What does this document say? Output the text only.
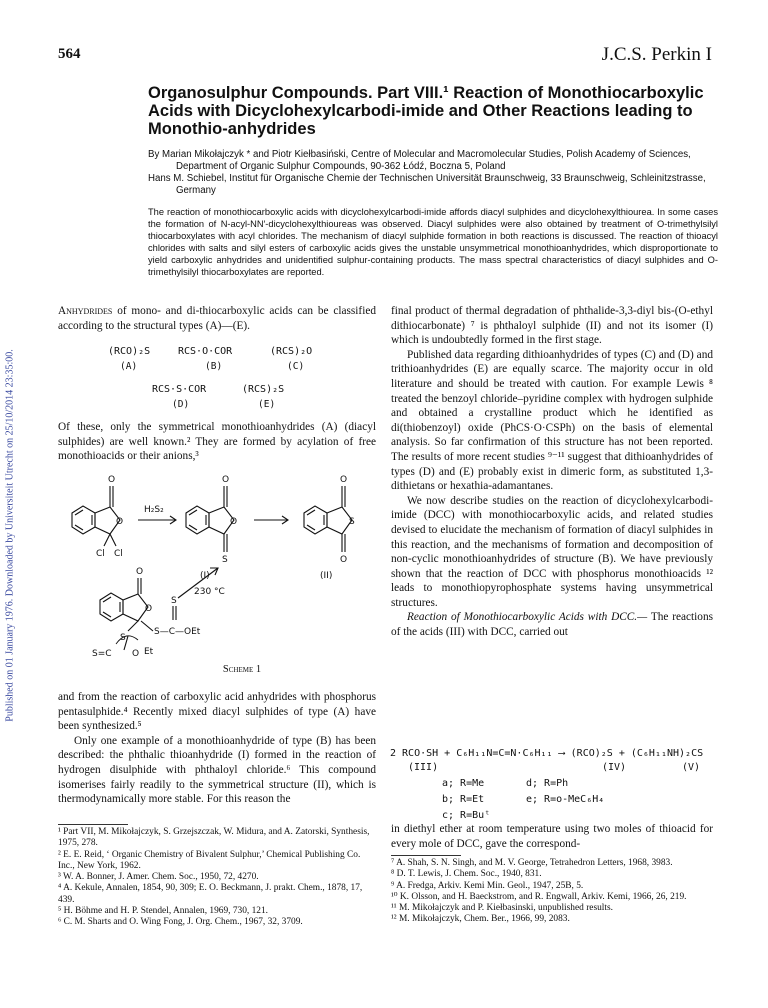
Published on 01 January 1976. Downloaded by Universiteit Utrecht on 25/10/2014 23:35:00.
564	J.C.S. Perkin I
Organosulphur Compounds. Part VIII.¹ Reaction of Monothiocarboxylic Acids with Dicyclohexylcarbodi-imide and Other Reactions leading to Monothio-anhydrides

By Marian Mikołajczyk * and Piotr Kiełbasiński, Centre of Molecular and Macromolecular Studies, Polish Academy of Sciences, Department of Organic Sulphur Compounds, 90-362 Łódź, Boczna 5, Poland

Hans M. Schiebel, Institut für Organische Chemie der Technischen Universität Braunschweig, 33 Braunschweig, Schleinitzstrasse, Germany

The reaction of monothiocarboxylic acids with dicyclohexylcarbodi-imide affords diacyl sulphides and dicyclohexylthiourea. In some cases the formation of N-acyl-NN′-dicyclohexylthioureas was observed. Diacyl sulphides were also obtained by treatment of O-trimethylsilyl thiocarboxylates with acyl chlorides. The mechanism of diacyl sulphide formation in both reactions is discussed. The reaction of thioacyl chlorides with salts and silyl esters of carboxylic acids gives the unstable unsymmetrical monothioanhydrides, which disproportionate to yield carboxylic anhydrides and unidentified sulphur-containing products. The mass spectral characteristics of diacyl sulphides and O-trimethylsilyl thiocarboxylates are reported.

Anhydrides of mono- and di-thiocarboxylic acids can be classified according to the structural types (A)—(E).

(RCO)₂S
(A)
RCS·O·COR
(B)
(RCS)₂O
(C)
RCS·S·COR
(D)
(RCS)₂S
(E)

Of these, only the symmetrical monothioanhydrides (A) (diacyl sulphides) are well known.² They are formed by acylation of free monothioacids or their anions,³

O
O
Cl Cl
H₂S₂
O
O
S
(I)
O
S
O
(II)
230 °C
O
O
S
S
S—C—OEt
S=C O Et
Scheme 1

and from the reaction of carboxylic acid anhydrides with phosphorus pentasulphide.⁴ Recently mixed diacyl sulphides of type (A) have been synthesized.⁵

Only one example of a monothioanhydride of type (B) has been described: the phthalic thioanhydride (I) formed in the reaction of hydrogen disulphide with phthaloyl chloride.⁶ This compound isomerises fairly readily to the symmetrical structure (II), which is thermodynamically more stable. For this reason the

¹ Part VII, M. Mikołajczyk, S. Grzejszczak, W. Midura, and A. Zatorski, Synthesis, 1975, 278.
² E. E. Reid, ‘ Organic Chemistry of Bivalent Sulphur,’ Chemical Publishing Co. Inc., New York, 1962.
³ W. A. Bonner, J. Amer. Chem. Soc., 1950, 72, 4270.
⁴ A. Kekule, Annalen, 1854, 90, 309; E. O. Beckmann, J. prakt. Chem., 1878, 17, 439.
⁵ H. Böhme and H. P. Stendel, Annalen, 1969, 730, 121.
⁶ C. M. Sharts and O. Wing Fong, J. Org. Chem., 1967, 32, 3709.

final product of thermal degradation of phthalide-3,3-diyl bis-(O-ethyl dithiocarbonate) ⁷ is phthaloyl sulphide (II) and not its isomer (I) which is undoubtedly formed in the first stage.

Published data regarding dithioanhydrides of types (C) and (D) and trithioanhydrides (E) are equally scarce. The majority occur in old literature and should be treated with caution. For example Lewis ⁸ treated the benzoyl chloride–pyridine complex with hydrogen sulphide and obtained a crystalline product which he identified as di(thiobenzoyl) oxide (PhCS·O·CSPh) on the basis of elemental analysis. So far confirmation of this structure has not been reported. The results of more recent studies ⁹⁻¹¹ suggest that dithioanhydrides of types (D) and (E) probably exist in dimeric form, as substituted 1,3-dithietans or hexathia-adamantanes.

We now describe studies on the reaction of dicyclohexylcarbodi-imide (DCC) with monothiocarboxylic acids, and related studies devised to elucidate the mechanism of formation of diacyl sulphides in this reaction, and the mechanisms of formation and decomposition of non-cyclic monothioanhydrides of structure (B). We have previously shown that the reaction of DCC with phosphorus monothioacids ¹² leads to monothiopyrophosphate systems having unsymmetrical structures.

Reaction of Monothiocarboxylic Acids with DCC.— The reactions of the acids (III) with DCC, carried out

2 RCO·SH + C₆H₁₁N=C=N·C₆H₁₁ ⟶ (RCO)₂S + (C₆H₁₁NH)₂CS
(III)	(IV)	(V)
a; R=Me
b; R=Et
c; R=Buᵗ
d; R=Ph
e; R=o-MeC₆H₄

in diethyl ether at room temperature using two moles of thioacid for every mole of DCC, gave the correspond-

⁷ A. Shah, S. N. Singh, and M. V. George, Tetrahedron Letters, 1968, 3983.
⁸ D. T. Lewis, J. Chem. Soc., 1940, 831.
⁹ A. Fredga, Arkiv. Kemi Min. Geol., 1947, 25B, 5.
¹⁰ K. Olsson, and H. Baeckstrom, and R. Engwall, Arkiv. Kemi, 1966, 26, 219.
¹¹ M. Mikołajczyk and P. Kiełbasinski, unpublished results.
¹² M. Mikołajczyk, Chem. Ber., 1966, 99, 2083.
